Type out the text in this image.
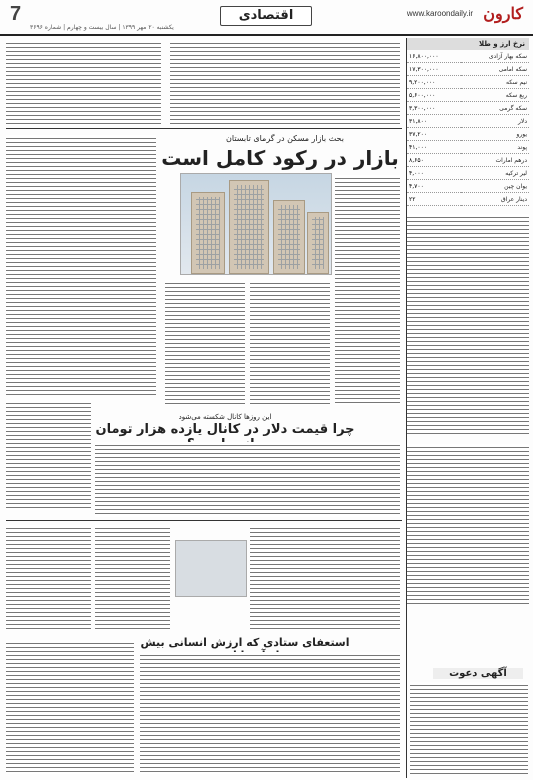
7	اقتصادی	www.karoondaily.ir کارون
یکشنبه ۲۰ مهر ۱۳۹۹ | سال بیست و چهارم | شماره ۳۶۹۶
نرخ ارز و طلا
۱۶,۸۰۰,۰۰۰	سکه بهار آزادی
۱۷,۳۰۰,۰۰۰	سکه امامی
۹,۲۰۰,۰۰۰	نیم سکه
۵,۶۰۰,۰۰۰	ربع سکه
۳,۳۰۰,۰۰۰	سکه گرمی
۳۱,۸۰۰	دلار
۳۷,۲۰۰	یورو
۴۱,۰۰۰	پوند
۸,۶۵۰	درهم امارات
۴,۰۰۰	لیر ترکیه
۴,۷۰۰	یوان چین
۲۲	دینار عراق
آگهی دعوت
بحث بازار مسکن در گرمای تابستان
بازار در رکود کامل است
این روزها کانال شکسته می‌شود
چرا قیمت دلار در کانال یازده هزار تومان
استعفای ستادی که ارزش انسانی بیش
